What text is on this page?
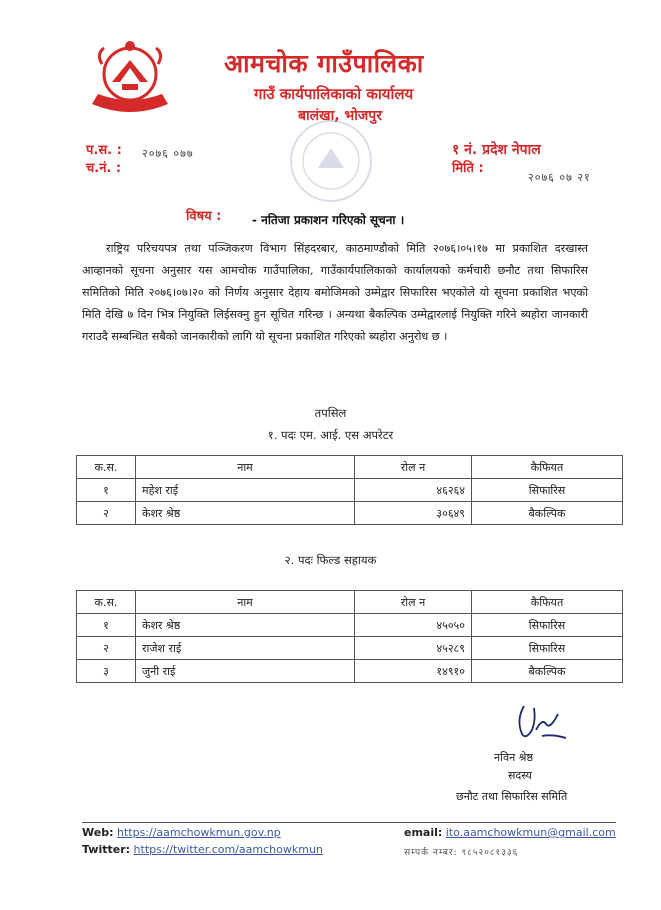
आमचोक गाउँपालिका
गाउँ कार्यपालिकाको कार्यालय
बालंखा, भोजपुर
प.स. : २०७६ ०७७
च.नं. :
१ नं. प्रदेश नेपाल
मिति :
२०७६ ०७ २१
विषय :	- नतिजा प्रकाशन गरिएको सूचना ।
राष्ट्रिय परिचयपत्र तथा पञ्जिकरण विभाग सिंहदरबार, काठमाण्डौको मिति २०७६।०५।१७ मा प्रकाशित दरखास्त आव्हानको सूचना अनुसार यस आमचोक गाउँपालिका, गाउँकार्यपालिकाको कार्यालयको कर्मचारी छनौट तथा सिफारिस समितिको मिति २०७६।०७।२० को निर्णय अनुसार देहाय बमोजिमको उम्मेद्वार सिफारिस भएकोले यो सूचना प्रकाशित भएको मिति देखि ७ दिन भित्र नियुक्ति लिईसक्नु हुन सूचित गरिन्छ । अन्यथा बैकल्पिक उम्मेद्वारलाई नियुक्ति गरिने ब्यहोरा जानकारी गराउदै सम्बन्धित सबैको जानकारीको लागि यो सूचना प्रकाशित गरिएको ब्यहोरा अनुरोध छ ।
तपसिल
१. पदः एम. आई. एस अपरेटर
क.स.	नाम	रोल न	कैफियत
१	महेश राई	४६२६४	सिफारिस
२	केशर श्रेष्ठ	३०६४९	बैकल्पिक
२. पदः फिल्ड सहायक
क.स.	नाम	रोल न	कैफियत
१	केशर श्रेष्ठ	४५०५०	सिफारिस
२	राजेश राई	४५२८९	सिफारिस
३	जुनी राई	१४९१०	बैकल्पिक
नविन श्रेष्ठ
सदस्य
छनौट तथा सिफारिस समिति
Web: https://aamchowkmun.gov.np
Twitter: https://twitter.com/aamchowkmun
email: ito.aamchowkmun@gmail.com
सम्पर्क नम्बर: ९८५२०८१३३६
